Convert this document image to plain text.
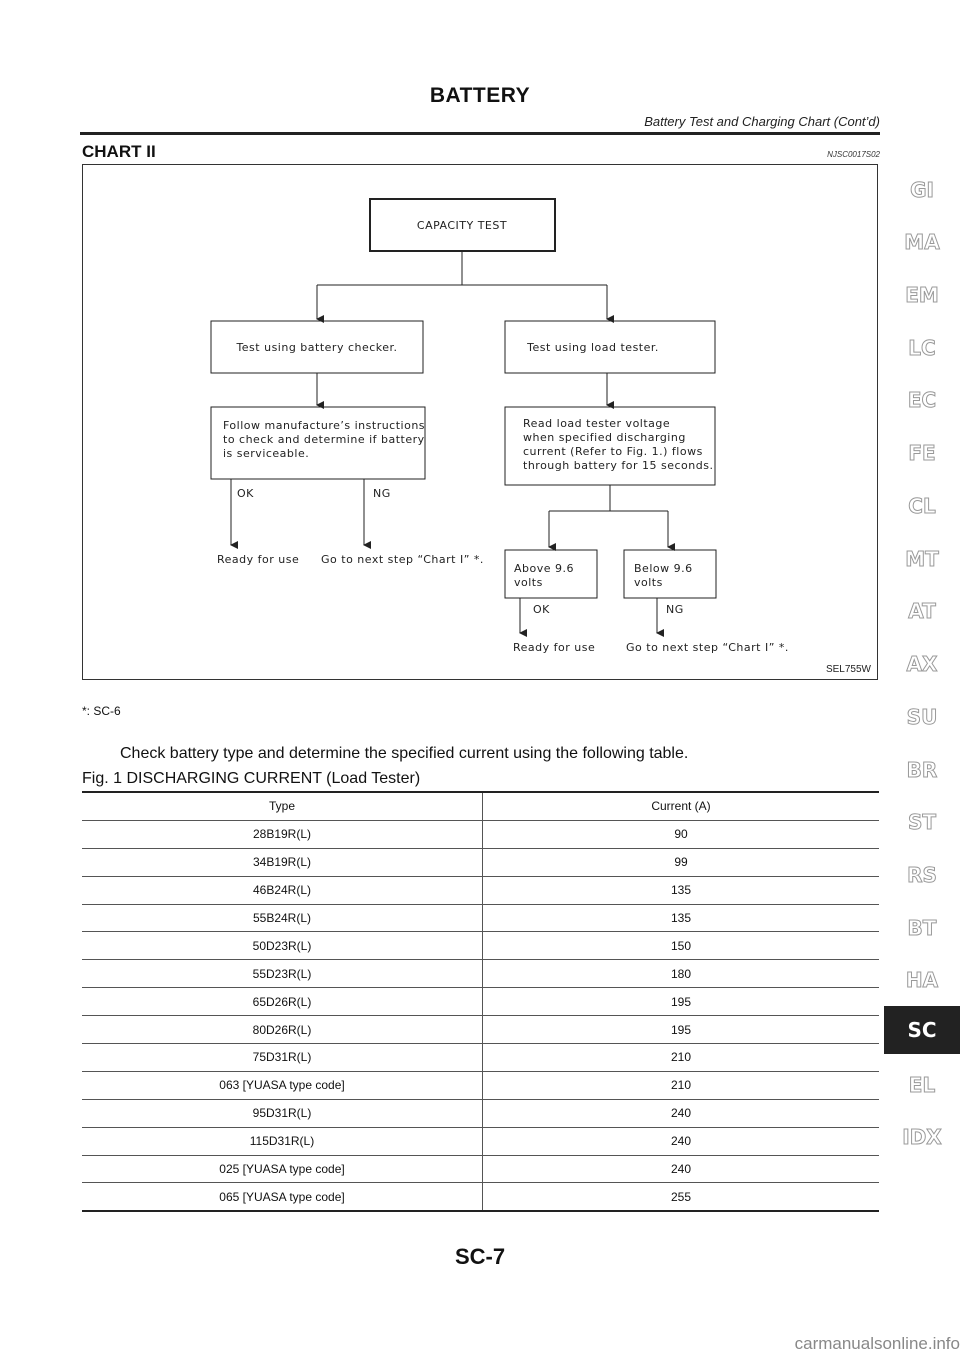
BATTERY
Battery Test and Charging Chart (Cont’d)
CHART II	NJSC0017S02
CAPACITY TEST
Test using battery checker.	Test using load tester.
Follow manufacture’s instructions
to check and determine if battery
is serviceable.
Read load tester voltage
when specified discharging
current (Refer to Fig. 1.) flows
through battery for 15 seconds.
OK	NG
Ready for use Go to next step “Chart I” *.
Above 9.6
volts
Below 9.6
volts
OK	NG
Ready for use	Go to next step “Chart I” *.
SEL755W
*: SC-6
Check battery type and determine the specified current using the following table.
Fig. 1 DISCHARGING CURRENT (Load Tester)
Type	Current (A)
28B19R(L)	90
34B19R(L)	99
46B24R(L)	135
55B24R(L)	135
50D23R(L)	150
55D23R(L)	180
65D26R(L)	195
80D26R(L)	195
75D31R(L)	210
063 [YUASA type code]	210
95D31R(L)	240
115D31R(L)	240
025 [YUASA type code]	240
065 [YUASA type code]	255
GI
MA
EM
LC
EC
FE
CL
MT
AT
AX
SU
BR
ST
RS
BT
HA
SC
EL
IDX
SC-7
carmanualsonline.info
